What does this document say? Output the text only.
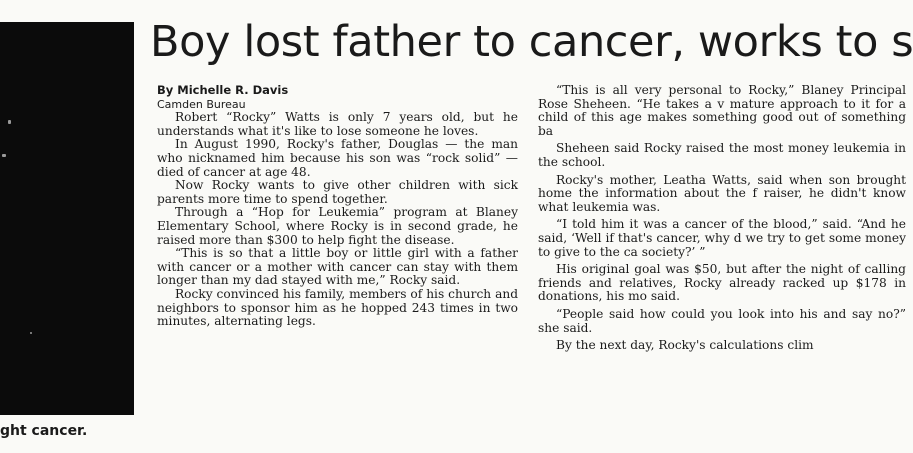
ght cancer.
Boy lost father to cancer, works to s

By Michelle R. Davis

Camden Bureau

Robert “Rocky” Watts is only 7 years old, but he understands what it's like to lose someone he loves.

In August 1990, Rocky's father, Douglas — the man who nicknamed him because his son was “rock solid” — died of cancer at age 48.

Now Rocky wants to give other children with sick parents more time to spend together.

Through a “Hop for Leukemia” program at Blaney Elementary School, where Rocky is in second grade, he raised more than $300 to help fight the disease.

“This is so that a little boy or little girl with a father with cancer or a mother with cancer can stay with them longer than my dad stayed with me,” Rocky said.

Rocky convinced his family, members of his church and neighbors to sponsor him as he hopped 243 times in two minutes, alternating legs.

“This is all very personal to Rocky,” Blaney Principal Rose Sheheen. “He takes a v mature approach to it for a child of this age makes something good out of something ba

Sheheen said Rocky raised the most money leukemia in the school.

Rocky's mother, Leatha Watts, said when son brought home the information about the f raiser, he didn't know what leukemia was.

“I told him it was a cancer of the blood,” said. “And he said, ‘Well if that's cancer, why d we try to get some money to give to the ca society?’ ”

His original goal was $50, but after the night of calling friends and relatives, Rocky already racked up $178 in donations, his mo said.

“People said how could you look into his and say no?” she said.

By the next day, Rocky's calculations clim
